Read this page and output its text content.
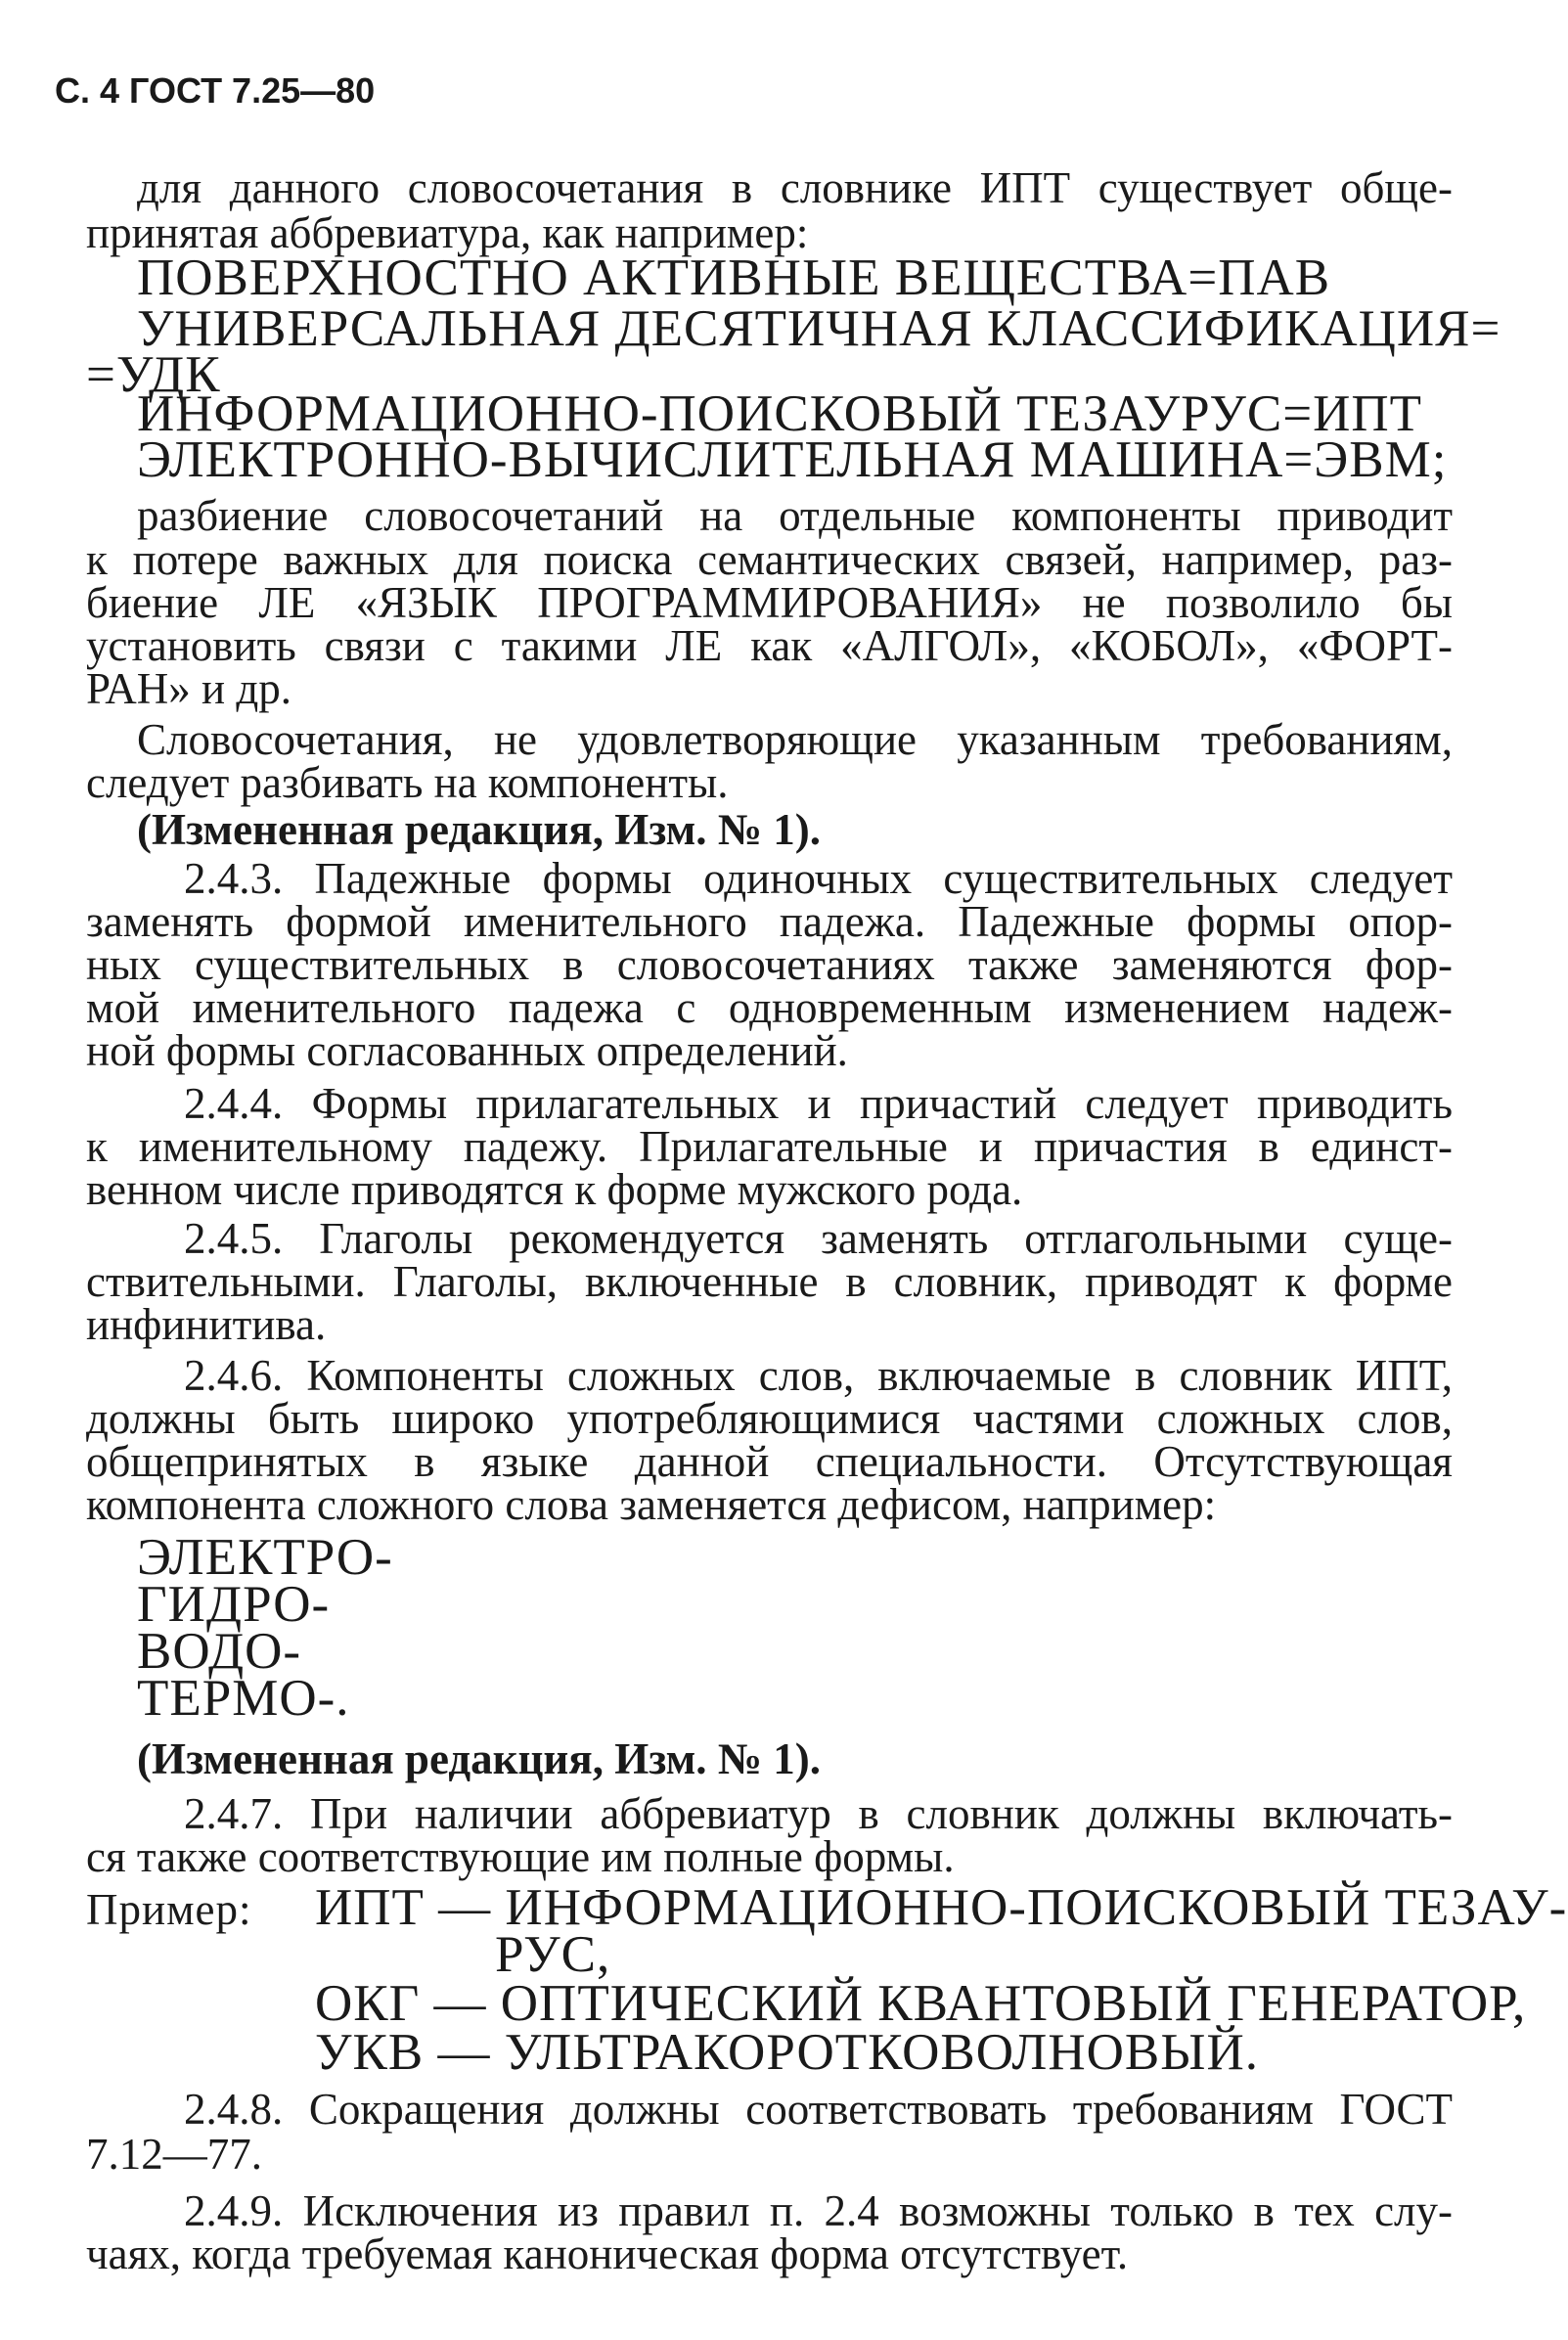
С. 4 ГОСТ 7.25—80
для данного словосочетания в словнике ИПТ существует обще-
принятая аббревиатура, как например:
ПОВЕРХНОСТНО АКТИВНЫЕ ВЕЩЕСТВА=ПАВ
УНИВЕРСАЛЬНАЯ ДЕСЯТИЧНАЯ КЛАССИФИКАЦИЯ=
=УДК
ИНФОРМАЦИОННО-ПОИСКОВЫЙ ТЕЗАУРУС=ИПТ
ЭЛЕКТРОННО-ВЫЧИСЛИТЕЛЬНАЯ МАШИНА=ЭВМ;
разбиение словосочетаний на отдельные компоненты приводит
к потере важных для поиска семантических связей, например, раз-
биение ЛЕ «ЯЗЫК ПРОГРАММИРОВАНИЯ» не позволило бы
установить связи с такими ЛЕ как «АЛГОЛ», «КОБОЛ», «ФОРТ-
РАН» и др.
Словосочетания, не удовлетворяющие указанным требованиям,
следует разбивать на компоненты.
(Измененная редакция, Изм. № 1).
2.4.3. Падежные формы одиночных существительных следует
заменять формой именительного падежа. Падежные формы опор-
ных существительных в словосочетаниях также заменяются фор-
мой именительного падежа с одновременным изменением надеж-
ной формы согласованных определений.
2.4.4. Формы прилагательных и причастий следует приводить
к именительному падежу. Прилагательные и причастия в единст-
венном числе приводятся к форме мужского рода.
2.4.5. Глаголы рекомендуется заменять отглагольными суще-
ствительными. Глаголы, включенные в словник, приводят к форме
инфинитива.
2.4.6. Компоненты сложных слов, включаемые в словник ИПТ,
должны быть широко употребляющимися частями сложных слов,
общепринятых в языке данной специальности. Отсутствующая
компонента сложного слова заменяется дефисом, например:
ЭЛЕКТРО-
ГИДРО-
ВОДО-
ТЕРМО-.
(Измененная редакция, Изм. № 1).
2.4.7. При наличии аббревиатур в словник должны включать-
ся также соответствующие им полные формы.
Пример: ИПТ — ИНФОРМАЦИОННО-ПОИСКОВЫЙ ТЕЗАУ-
РУС,
ОКГ — ОПТИЧЕСКИЙ КВАНТОВЫЙ ГЕНЕРАТОР,
УКВ — УЛЬТРАКОРОТКОВОЛНОВЫЙ.
2.4.8. Сокращения должны соответствовать требованиям ГОСТ
7.12—77.
2.4.9. Исключения из правил п. 2.4 возможны только в тех слу-
чаях, когда требуемая каноническая форма отсутствует.
